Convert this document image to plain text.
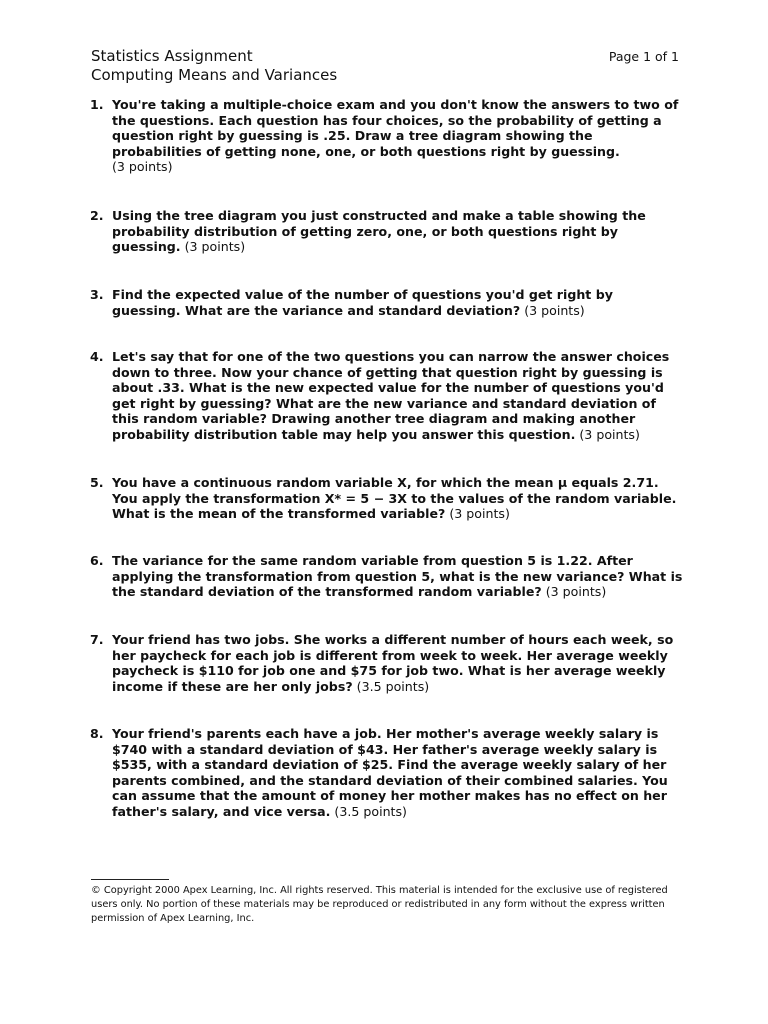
Statistics Assignment
Computing Means and Variances
Page 1 of 1
1. You're taking a multiple-choice exam and you don't know the answers to two of the questions. Each question has four choices, so the probability of getting a question right by guessing is .25. Draw a tree diagram showing the probabilities of getting none, one, or both questions right by guessing.
(3 points)
2. Using the tree diagram you just constructed and make a table showing the probability distribution of getting zero, one, or both questions right by guessing. (3 points)
3. Find the expected value of the number of questions you'd get right by guessing. What are the variance and standard deviation? (3 points)
4. Let's say that for one of the two questions you can narrow the answer choices down to three. Now your chance of getting that question right by guessing is about .33. What is the new expected value for the number of questions you'd get right by guessing? What are the new variance and standard deviation of this random variable? Drawing another tree diagram and making another probability distribution table may help you answer this question. (3 points)
5. You have a continuous random variable X, for which the mean μ equals 2.71. You apply the transformation X* = 5 − 3X to the values of the random variable. What is the mean of the transformed variable? (3 points)
6. The variance for the same random variable from question 5 is 1.22. After applying the transformation from question 5, what is the new variance? What is the standard deviation of the transformed random variable? (3 points)
7. Your friend has two jobs. She works a different number of hours each week, so her paycheck for each job is different from week to week. Her average weekly paycheck is $110 for job one and $75 for job two. What is her average weekly income if these are her only jobs? (3.5 points)
8. Your friend's parents each have a job. Her mother's average weekly salary is $740 with a standard deviation of $43. Her father's average weekly salary is $535, with a standard deviation of $25. Find the average weekly salary of her parents combined, and the standard deviation of their combined salaries. You can assume that the amount of money her mother makes has no effect on her father's salary, and vice versa. (3.5 points)
© Copyright 2000 Apex Learning, Inc. All rights reserved. This material is intended for the exclusive use of registered users only. No portion of these materials may be reproduced or redistributed in any form without the express written permission of Apex Learning, Inc.
